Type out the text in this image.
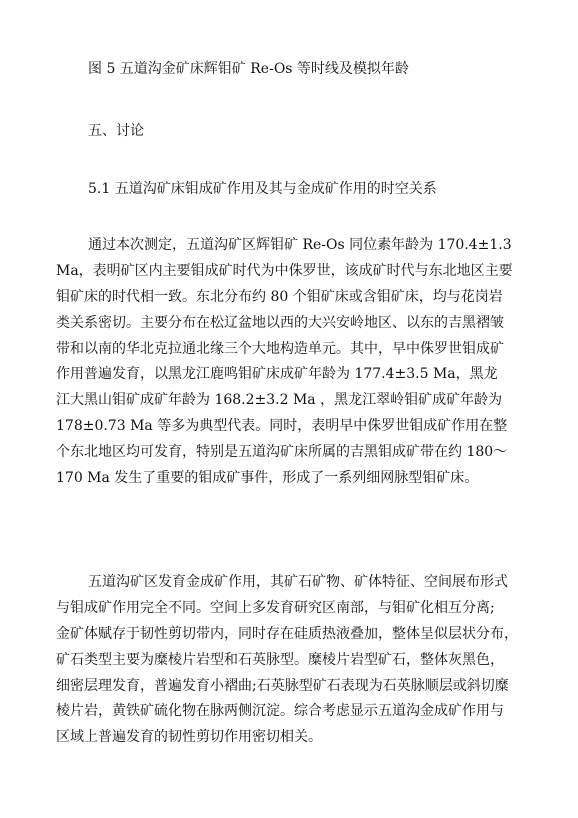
图 5 五道沟金矿床辉钼矿 Re-Os 等时线及模拟年龄
五、讨论
5.1 五道沟矿床钼成矿作用及其与金成矿作用的时空关系
通过本次测定，五道沟矿区辉钼矿 Re-Os 同位素年龄为 170.4±1.3
Ma，表明矿区内主要钼成矿时代为中侏罗世，该成矿时代与东北地区主要
钼矿床的时代相一致。东北分布约 80 个钼矿床或含钼矿床，均与花岗岩
类关系密切。主要分布在松辽盆地以西的大兴安岭地区、以东的吉黑褶皱
带和以南的华北克拉通北缘三个大地构造单元。其中，早中侏罗世钼成矿
作用普遍发育，以黑龙江鹿鸣钼矿床成矿年龄为 177.4±3.5 Ma，黑龙
江大黑山钼矿成矿年龄为 168.2±3.2 Ma ，黑龙江翠岭钼矿成矿年龄为
178±0.73 Ma 等多为典型代表。同时，表明早中侏罗世钼成矿作用在整
个东北地区均可发育，特别是五道沟矿床所属的吉黑钼成矿带在约 180～
170 Ma 发生了重要的钼成矿事件，形成了一系列细网脉型钼矿床。
五道沟矿区发育金成矿作用，其矿石矿物、矿体特征、空间展布形式
与钼成矿作用完全不同。空间上多发育研究区南部，与钼矿化相互分离;
金矿体赋存于韧性剪切带内，同时存在硅质热液叠加，整体呈似层状分布，
矿石类型主要为糜棱片岩型和石英脉型。糜棱片岩型矿石，整体灰黑色，
细密层理发育，普遍发育小褶曲;石英脉型矿石表现为石英脉顺层或斜切糜
棱片岩，黄铁矿硫化物在脉两侧沉淀。综合考虑显示五道沟金成矿作用与
区域上普遍发育的韧性剪切作用密切相关。
